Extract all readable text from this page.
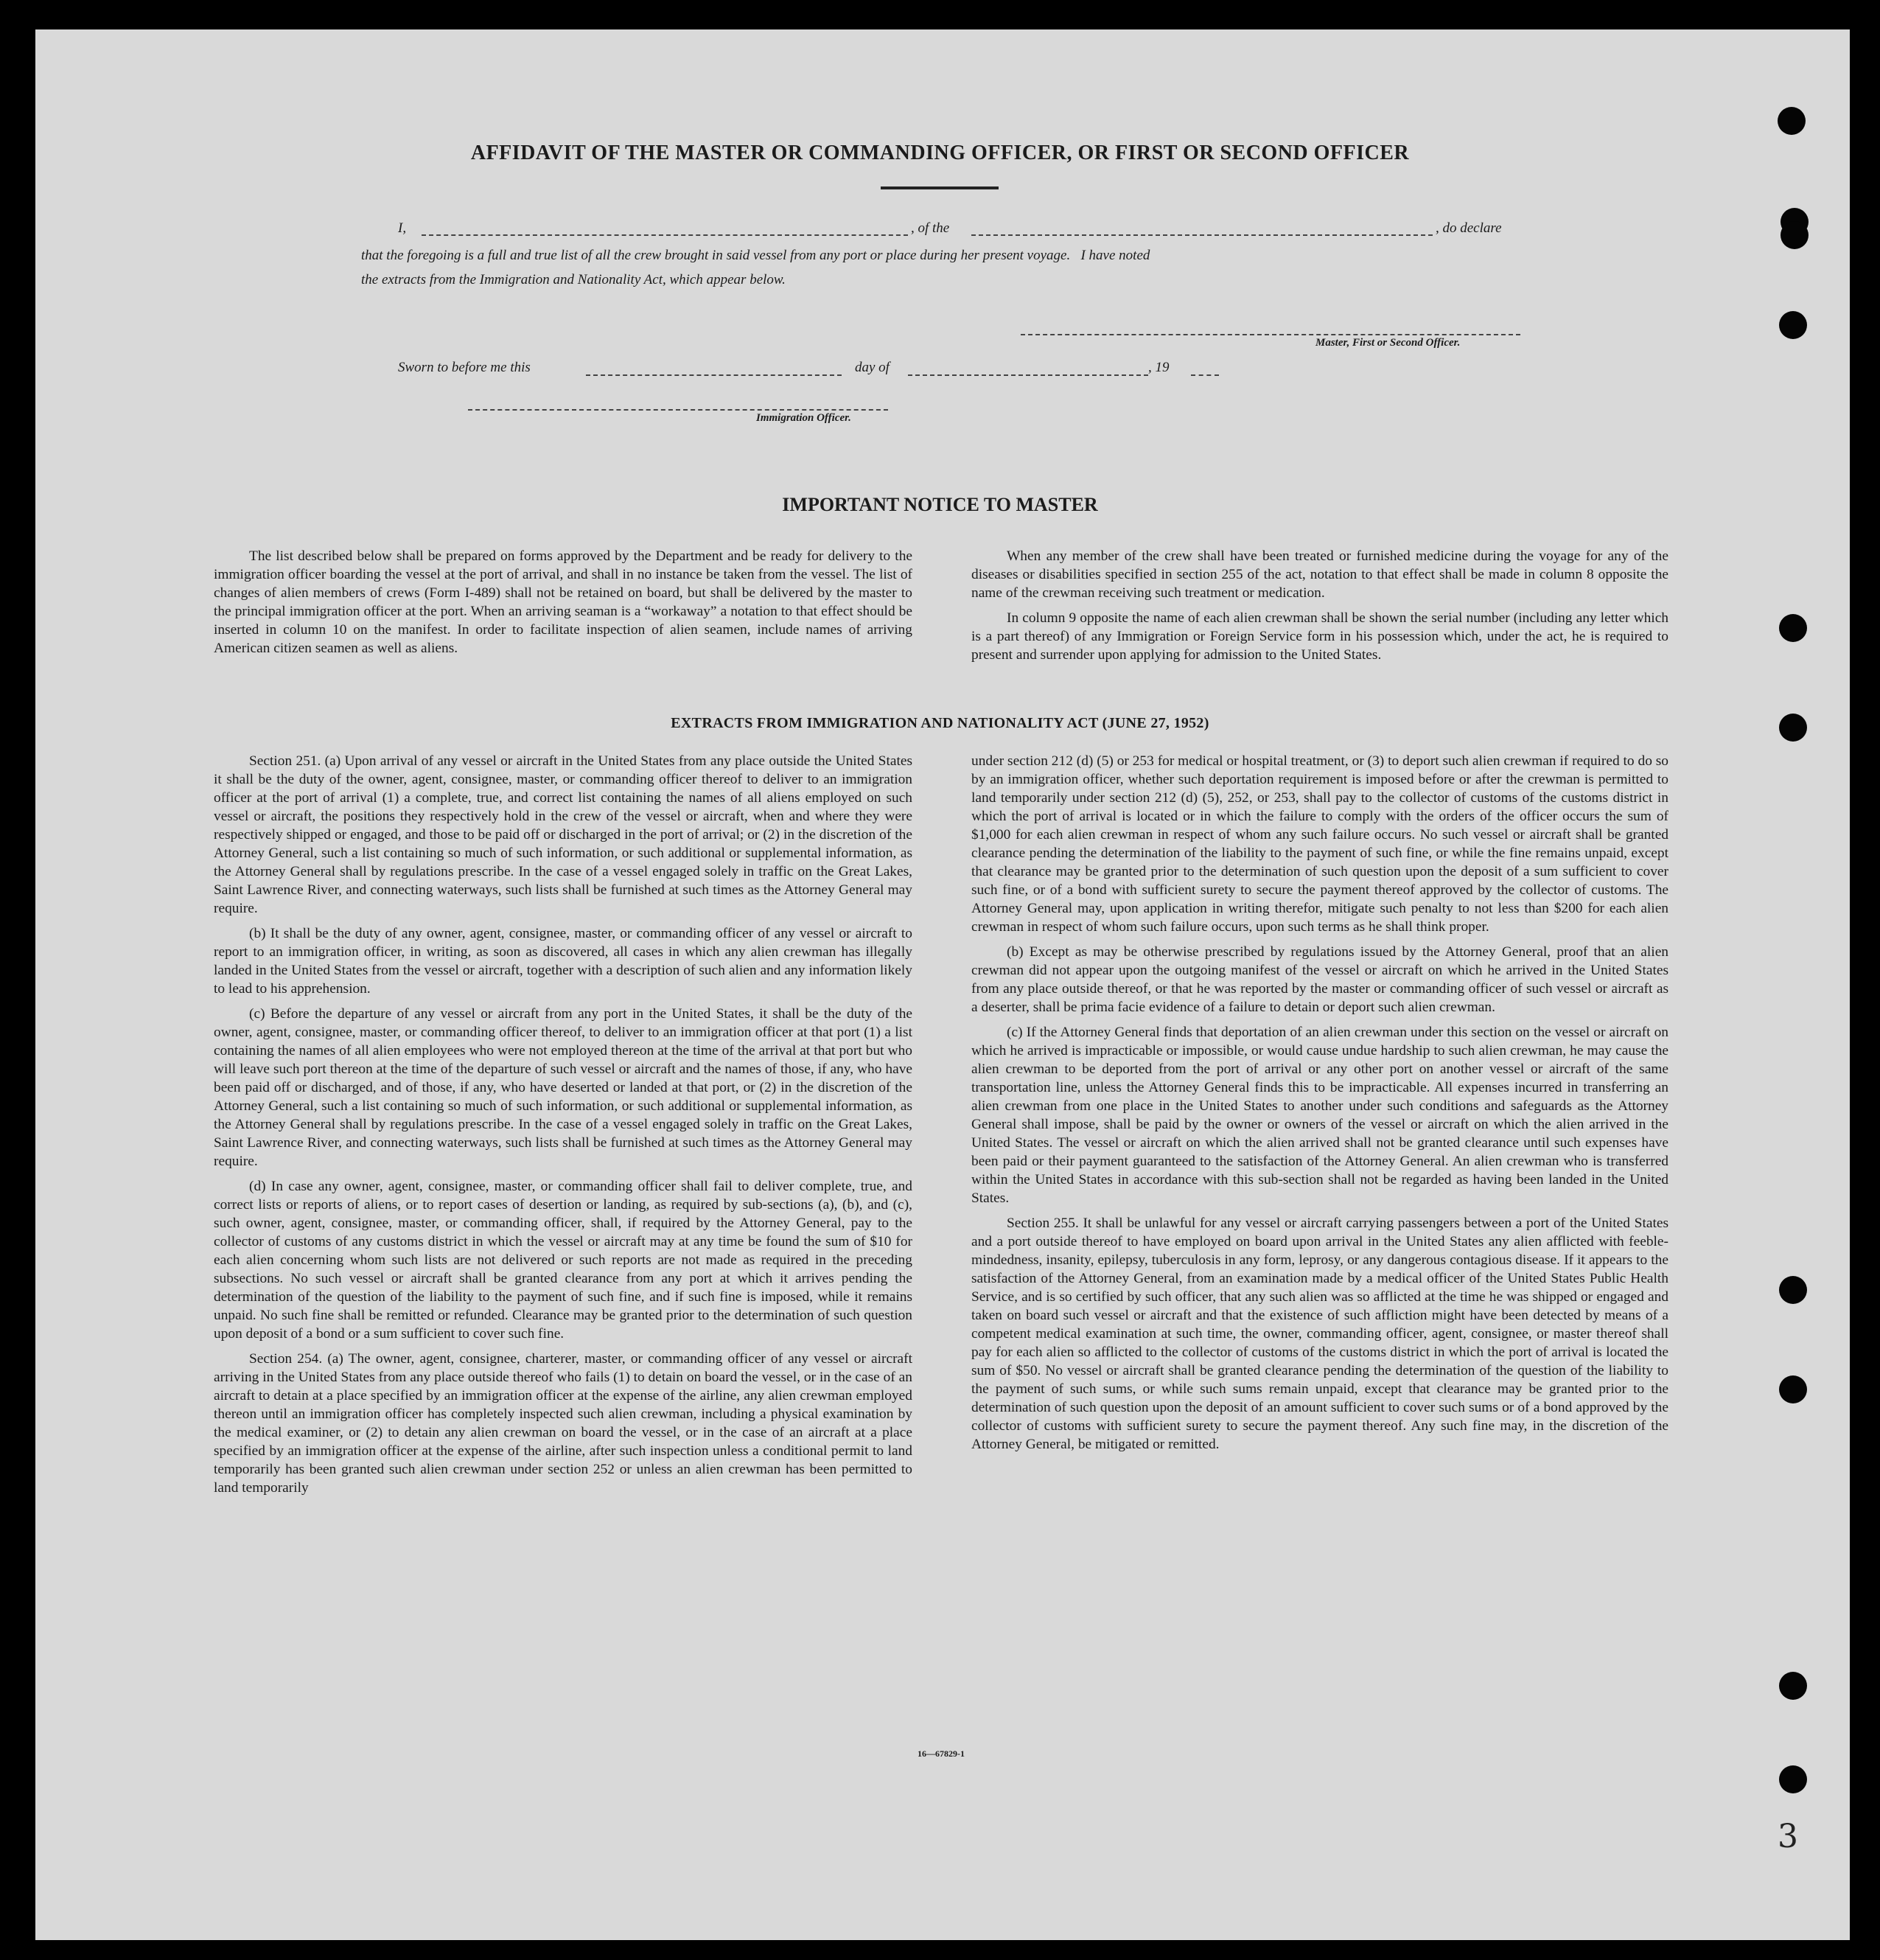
AFFIDAVIT OF THE MASTER OR COMMANDING OFFICER, OR FIRST OR SECOND OFFICER
I,	, of the	, do declare
that the foregoing is a full and true list of all the crew brought in said vessel from any port or place during her present voyage.   I have noted
the extracts from the Immigration and Nationality Act, which appear below.
Master, First or Second Officer.
Sworn to before me this	day of	, 19
Immigration Officer.
IMPORTANT NOTICE TO MASTER

The list described below shall be prepared on forms approved by the Department and be ready for delivery to the immigration officer boarding the vessel at the port of arrival, and shall in no instance be taken from the vessel. The list of changes of alien members of crews (Form I-489) shall not be retained on board, but shall be delivered by the master to the principal immigration officer at the port. When an arriving seaman is a “workaway” a notation to that effect should be inserted in column 10 on the manifest. In order to facilitate inspection of alien seamen, include names of arriving American citizen seamen as well as aliens.

When any member of the crew shall have been treated or furnished medicine during the voyage for any of the diseases or disabilities specified in section 255 of the act, notation to that effect shall be made in column 8 opposite the name of the crewman receiving such treatment or medication.

In column 9 opposite the name of each alien crewman shall be shown the serial number (including any letter which is a part thereof) of any Immigration or Foreign Service form in his possession which, under the act, he is required to present and surrender upon applying for admission to the United States.

EXTRACTS FROM IMMIGRATION AND NATIONALITY ACT (JUNE 27, 1952)

Section 251. (a) Upon arrival of any vessel or aircraft in the United States from any place outside the United States it shall be the duty of the owner, agent, consignee, master, or commanding officer thereof to deliver to an immigration officer at the port of arrival (1) a complete, true, and correct list containing the names of all aliens employed on such vessel or aircraft, the positions they respectively hold in the crew of the vessel or aircraft, when and where they were respectively shipped or engaged, and those to be paid off or discharged in the port of arrival; or (2) in the discretion of the Attorney General, such a list containing so much of such information, or such additional or supplemental information, as the Attorney General shall by regulations prescribe. In the case of a vessel engaged solely in traffic on the Great Lakes, Saint Lawrence River, and connecting waterways, such lists shall be furnished at such times as the Attorney General may require.

(b) It shall be the duty of any owner, agent, consignee, master, or commanding officer of any vessel or aircraft to report to an immigration officer, in writing, as soon as discovered, all cases in which any alien crewman has illegally landed in the United States from the vessel or aircraft, together with a description of such alien and any information likely to lead to his apprehension.

(c) Before the departure of any vessel or aircraft from any port in the United States, it shall be the duty of the owner, agent, consignee, master, or commanding officer thereof, to deliver to an immigration officer at that port (1) a list containing the names of all alien employees who were not employed thereon at the time of the arrival at that port but who will leave such port thereon at the time of the departure of such vessel or aircraft and the names of those, if any, who have been paid off or discharged, and of those, if any, who have deserted or landed at that port, or (2) in the discretion of the Attorney General, such a list containing so much of such information, or such additional or supplemental information, as the Attorney General shall by regulations prescribe. In the case of a vessel engaged solely in traffic on the Great Lakes, Saint Lawrence River, and connecting waterways, such lists shall be furnished at such times as the Attorney General may require.

(d) In case any owner, agent, consignee, master, or commanding officer shall fail to deliver complete, true, and correct lists or reports of aliens, or to report cases of desertion or landing, as required by sub-sections (a), (b), and (c), such owner, agent, consignee, master, or commanding officer, shall, if required by the Attorney General, pay to the collector of customs of any customs district in which the vessel or aircraft may at any time be found the sum of $10 for each alien concerning whom such lists are not delivered or such reports are not made as required in the preceding subsections. No such vessel or aircraft shall be granted clearance from any port at which it arrives pending the determination of the question of the liability to the payment of such fine, and if such fine is imposed, while it remains unpaid. No such fine shall be remitted or refunded. Clearance may be granted prior to the determination of such question upon deposit of a bond or a sum sufficient to cover such fine.

Section 254. (a) The owner, agent, consignee, charterer, master, or commanding officer of any vessel or aircraft arriving in the United States from any place outside thereof who fails (1) to detain on board the vessel, or in the case of an aircraft to detain at a place specified by an immigration officer at the expense of the airline, any alien crewman employed thereon until an immigration officer has completely inspected such alien crewman, including a physical examination by the medical examiner, or (2) to detain any alien crewman on board the vessel, or in the case of an aircraft at a place specified by an immigration officer at the expense of the airline, after such inspection unless a conditional permit to land temporarily has been granted such alien crewman under section 252 or unless an alien crewman has been permitted to land temporarily

under section 212 (d) (5) or 253 for medical or hospital treatment, or (3) to deport such alien crewman if required to do so by an immigration officer, whether such deportation requirement is imposed before or after the crewman is permitted to land temporarily under section 212 (d) (5), 252, or 253, shall pay to the collector of customs of the customs district in which the port of arrival is located or in which the failure to comply with the orders of the officer occurs the sum of $1,000 for each alien crewman in respect of whom any such failure occurs. No such vessel or aircraft shall be granted clearance pending the determination of the liability to the payment of such fine, or while the fine remains unpaid, except that clearance may be granted prior to the determination of such question upon the deposit of a sum sufficient to cover such fine, or of a bond with sufficient surety to secure the payment thereof approved by the collector of customs. The Attorney General may, upon application in writing therefor, mitigate such penalty to not less than $200 for each alien crewman in respect of whom such failure occurs, upon such terms as he shall think proper.

(b) Except as may be otherwise prescribed by regulations issued by the Attorney General, proof that an alien crewman did not appear upon the outgoing manifest of the vessel or aircraft on which he arrived in the United States from any place outside thereof, or that he was reported by the master or commanding officer of such vessel or aircraft as a deserter, shall be prima facie evidence of a failure to detain or deport such alien crewman.

(c) If the Attorney General finds that deportation of an alien crewman under this section on the vessel or aircraft on which he arrived is impracticable or impossible, or would cause undue hardship to such alien crewman, he may cause the alien crewman to be deported from the port of arrival or any other port on another vessel or aircraft of the same transportation line, unless the Attorney General finds this to be impracticable. All expenses incurred in transferring an alien crewman from one place in the United States to another under such conditions and safeguards as the Attorney General shall impose, shall be paid by the owner or owners of the vessel or aircraft on which the alien arrived in the United States. The vessel or aircraft on which the alien arrived shall not be granted clearance until such expenses have been paid or their payment guaranteed to the satisfaction of the Attorney General. An alien crewman who is transferred within the United States in accordance with this sub-section shall not be regarded as having been landed in the United States.

Section 255. It shall be unlawful for any vessel or aircraft carrying passengers between a port of the United States and a port outside thereof to have employed on board upon arrival in the United States any alien afflicted with feeble-mindedness, insanity, epilepsy, tuberculosis in any form, leprosy, or any dangerous contagious disease. If it appears to the satisfaction of the Attorney General, from an examination made by a medical officer of the United States Public Health Service, and is so certified by such officer, that any such alien was so afflicted at the time he was shipped or engaged and taken on board such vessel or aircraft and that the existence of such affliction might have been detected by means of a competent medical examination at such time, the owner, commanding officer, agent, consignee, or master thereof shall pay for each alien so afflicted to the collector of customs of the customs district in which the port of arrival is located the sum of $50. No vessel or aircraft shall be granted clearance pending the determination of the question of the liability to the payment of such sums, or while such sums remain unpaid, except that clearance may be granted prior to the determination of such question upon the deposit of an amount sufficient to cover such sums or of a bond approved by the collector of customs with sufficient surety to secure the payment thereof. Any such fine may, in the discretion of the Attorney General, be mitigated or remitted.

16—67829-1
3
